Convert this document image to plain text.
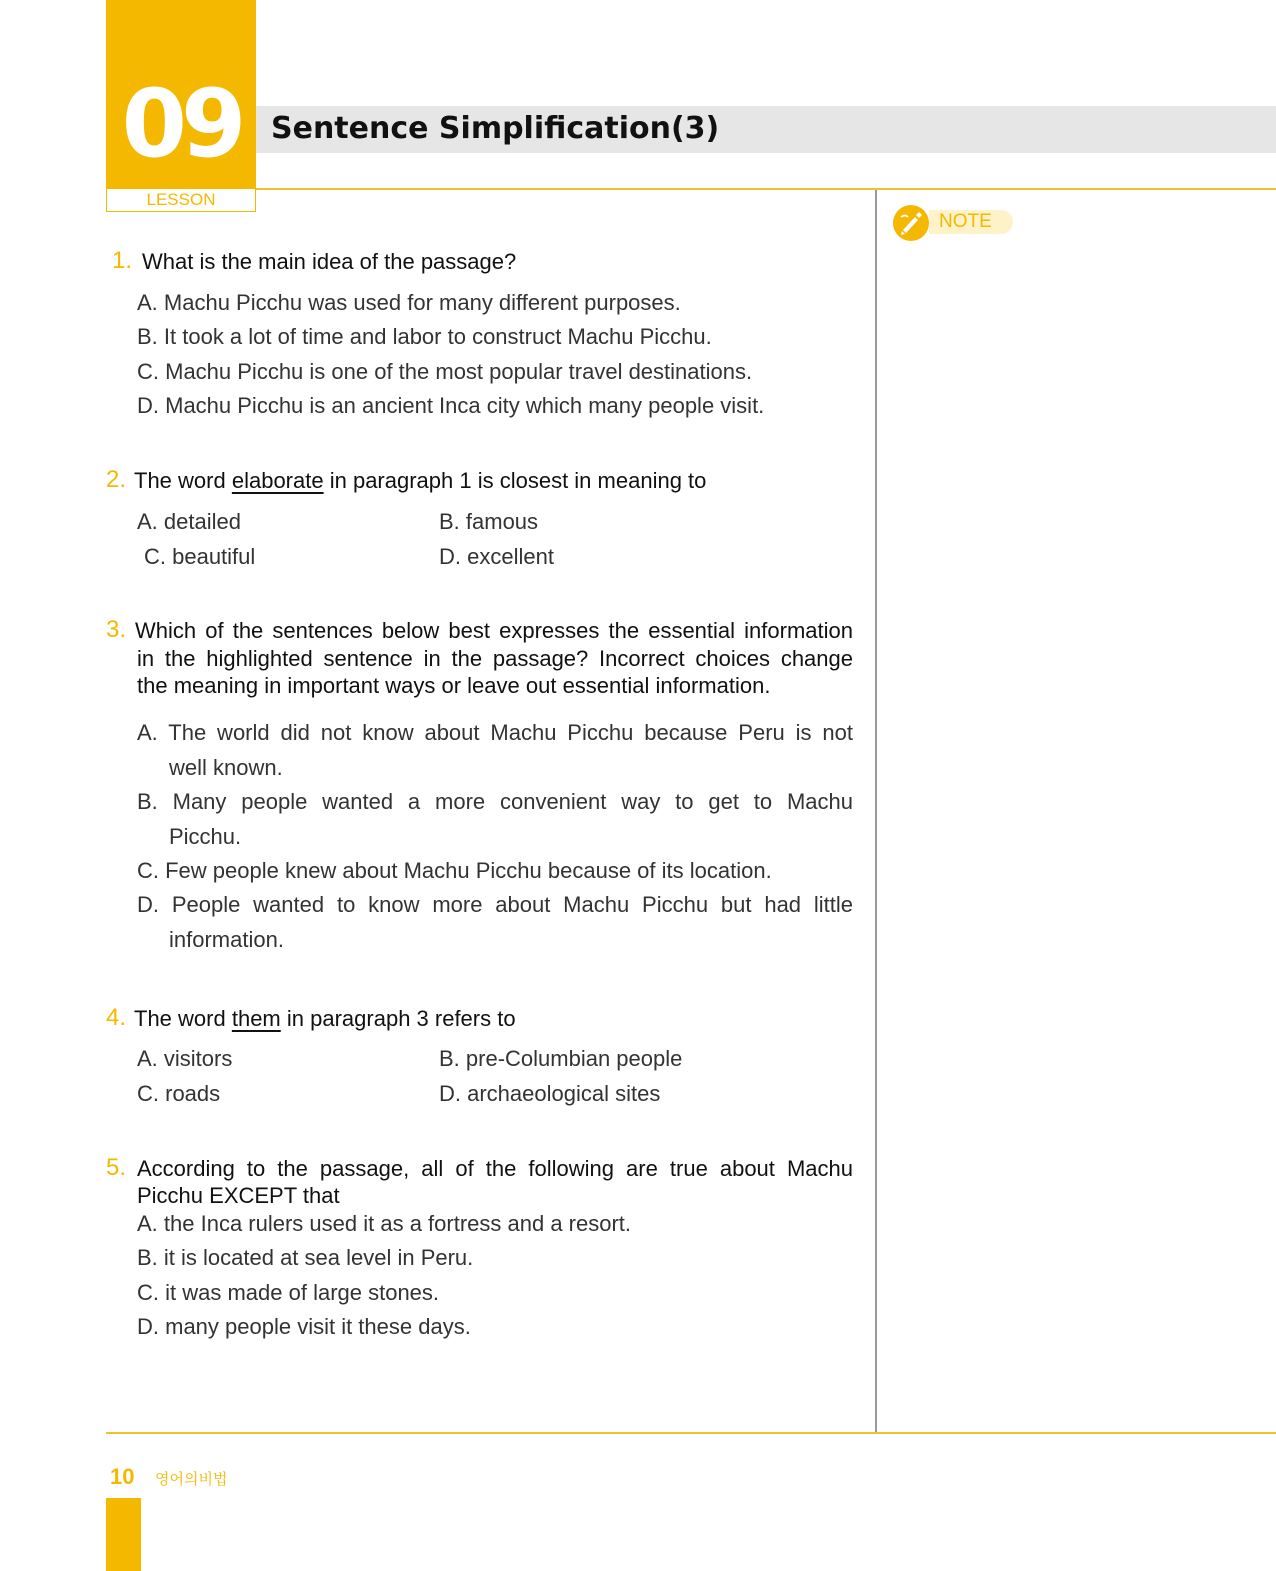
09
LESSON
Sentence Simplification(3)
NOTE
1. What is the main idea of the passage?
A. Machu Picchu was used for many different purposes.
B. It took a lot of time and labor to construct Machu Picchu.
C. Machu Picchu is one of the most popular travel destinations.
D. Machu Picchu is an ancient Inca city which many people visit.
2. The word elaborate in paragraph 1 is closest in meaning to
A. detailed	B. famous
C. beautiful	D. excellent
3. Which of the sentences below best expresses the essential information
in the highlighted sentence in the passage? Incorrect choices change
the meaning in important ways or leave out essential information.
A. The world did not know about Machu Picchu because Peru is not
well known.
B. Many people wanted a more convenient way to get to Machu
Picchu.
C. Few people knew about Machu Picchu because of its location.
D. People wanted to know more about Machu Picchu but had little
information.
4. The word them in paragraph 3 refers to
A. visitors	B. pre-Columbian people
C. roads	D. archaeological sites
5. According to the passage, all of the following are true about Machu
Picchu EXCEPT that
A. the Inca rulers used it as a fortress and a resort.
B. it is located at sea level in Peru.
C. it was made of large stones.
D. many people visit it these days.
10 영어의비법
